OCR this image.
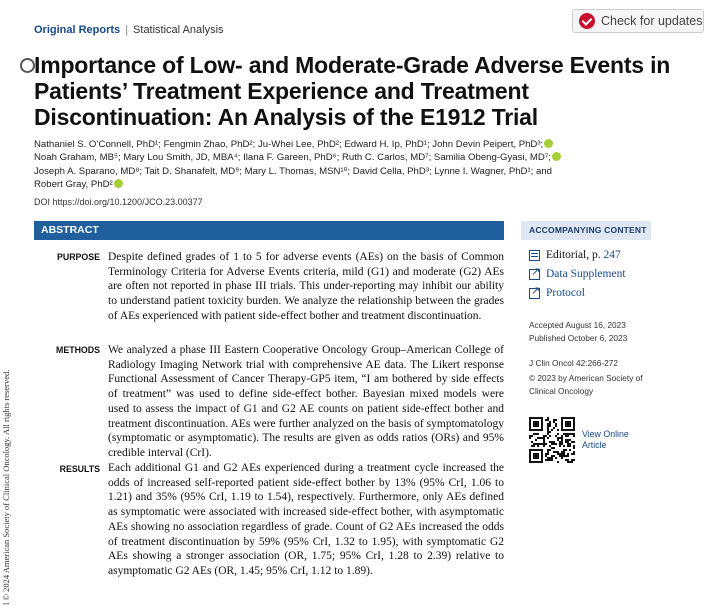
Original Reports | Statistical Analysis
Check for updates
Importance of Low- and Moderate-Grade Adverse Events in Patients’ Treatment Experience and Treatment Discontinuation: An Analysis of the E1912 Trial
Nathaniel S. O’Connell, PhD¹; Fengmin Zhao, PhD²; Ju-Whei Lee, PhD²; Edward H. Ip, PhD¹; John Devin Peipert, PhD³;
Noah Graham, MB⁵; Mary Lou Smith, JD, MBA⁴; Ilana F. Gareen, PhD⁶; Ruth C. Carlos, MD⁷; Samilia Obeng-Gyasi, MD⁷;
Joseph A. Sparano, MD⁸; Tait D. Shanafelt, MD⁹; Mary L. Thomas, MSN¹⁰; David Cella, PhD³; Lynne I. Wagner, PhD¹; and
Robert Gray, PhD²
DOI https://doi.org/10.1200/JCO.23.00377
ABSTRACT
PURPOSE Despite defined grades of 1 to 5 for adverse events (AEs) on the basis of Common Terminology Criteria for Adverse Events criteria, mild (G1) and moderate (G2) AEs are often not reported in phase III trials. This under-reporting may inhibit our ability to understand patient toxicity burden. We analyze the relationship between the grades of AEs experienced with patient side-effect bother and treatment discontinuation.
METHODS We analyzed a phase III Eastern Cooperative Oncology Group–American College of Radiology Imaging Network trial with comprehensive AE data. The Likert response Functional Assessment of Cancer Therapy-GP5 item, “I am bothered by side effects of treatment” was used to define side-effect bother. Bayesian mixed models were used to assess the impact of G1 and G2 AE counts on patient side-effect bother and treatment discontinuation. AEs were further analyzed on the basis of symptomatology (symptomatic or asymptomatic). The results are given as odds ratios (ORs) and 95% credible interval (CrI).
RESULTS Each additional G1 and G2 AEs experienced during a treatment cycle increased the odds of increased self-reported patient side-effect bother by 13% (95% CrI, 1.06 to 1.21) and 35% (95% CrI, 1.19 to 1.54), respectively. Furthermore, only AEs defined as symptomatic were associated with increased side-effect bother, with asymptomatic AEs showing no association regardless of grade. Count of G2 AEs increased the odds of treatment discontinuation by 59% (95% CrI, 1.32 to 1.95), with symptomatic G2 AEs showing a stronger association (OR, 1.75; 95% CrI, 1.28 to 2.39) relative to asymptomatic G2 AEs (OR, 1.45; 95% CrI, 1.12 to 1.89).
ACCOMPANYING CONTENT
Editorial, p.
247
↗
Data Supplement
↗
Protocol
Accepted August 16, 2023
Published October 6, 2023
J Clin Oncol 42:266-272
© 2023 by American Society of
Clinical Oncology
View Online
Article
l © 2024 American Society of Clinical Oncology. All rights reserved.
